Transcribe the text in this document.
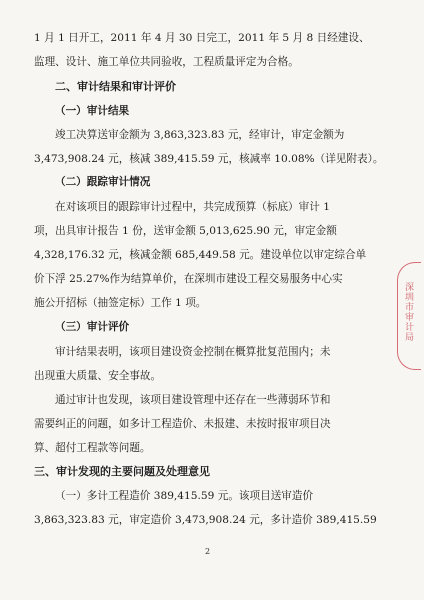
1 月 1 日开工，2011 年 4 月 30 日完工，2011 年 5 月 8 日经建设、
监理、设计、施工单位共同验收，工程质量评定为合格。
二、审计结果和审计评价
（一）审计结果
竣工决算送审金额为 3,863,323.83 元，经审计，审定金额为
3,473,908.24 元，核减 389,415.59 元，核减率 10.08%（详见附表）。
（二）跟踪审计情况
在对该项目的跟踪审计过程中，共完成预算（标底）审计 1
项，出具审计报告 1 份，送审金额 5,013,625.90 元，审定金额
4,328,176.32 元，核减金额 685,449.58 元。建设单位以审定综合单
价下浮 25.27%作为结算单价，在深圳市建设工程交易服务中心实
施公开招标（抽签定标）工作 1 项。
（三）审计评价
审计结果表明，该项目建设资金控制在概算批复范围内；未
出现重大质量、安全事故。
通过审计也发现，该项目建设管理中还存在一些薄弱环节和
需要纠正的问题，如多计工程造价、未报建、未按时报审项目决
算、超付工程款等问题。
三、审计发现的主要问题及处理意见
（一）多计工程造价 389,415.59 元。该项目送审造价
3,863,323.83 元，审定造价 3,473,908.24 元，多计造价 389,415.59
2
深圳市审计局
